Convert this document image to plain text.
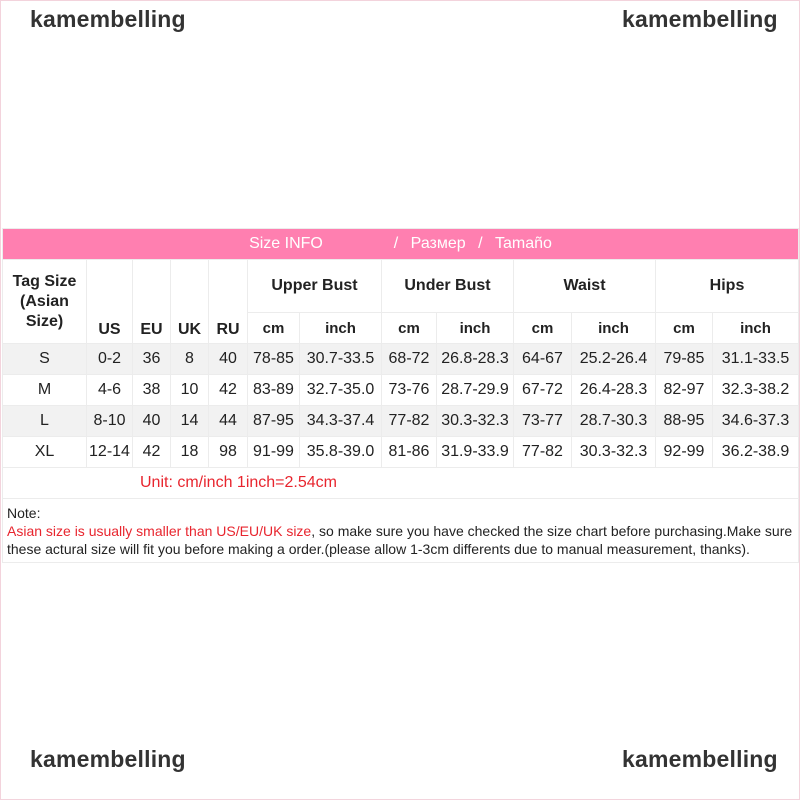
kamembelling	kamembelling
kamembelling	kamembelling
Size INFO / Размер / Tamaño												
Tag Size (Asian Size)	US	EU	UK	RU	Upper Bust		Under Bust		Waist		Hips	
					cm	inch	cm	inch	cm	inch	cm	inch
S	0-2	36	8	40	78-85	30.7-33.5	68-72	26.8-28.3	64-67	25.2-26.4	79-85	31.1-33.5
M	4-6	38	10	42	83-89	32.7-35.0	73-76	28.7-29.9	67-72	26.4-28.3	82-97	32.3-38.2
L	8-10	40	14	44	87-95	34.3-37.4	77-82	30.3-32.3	73-77	28.7-30.3	88-95	34.6-37.3
XL	12-14	42	18	98	91-99	35.8-39.0	81-86	31.9-33.9	77-82	30.3-32.3	92-99	36.2-38.9
Unit: cm/inch 1inch=2.54cm												

Note:
Asian size is usually smaller than US/EU/UK size, so make sure you have checked the size chart before purchasing.Make sure these actural size will fit you before making a order.(please allow 1-3cm differents due to manual measurement, thanks).												
